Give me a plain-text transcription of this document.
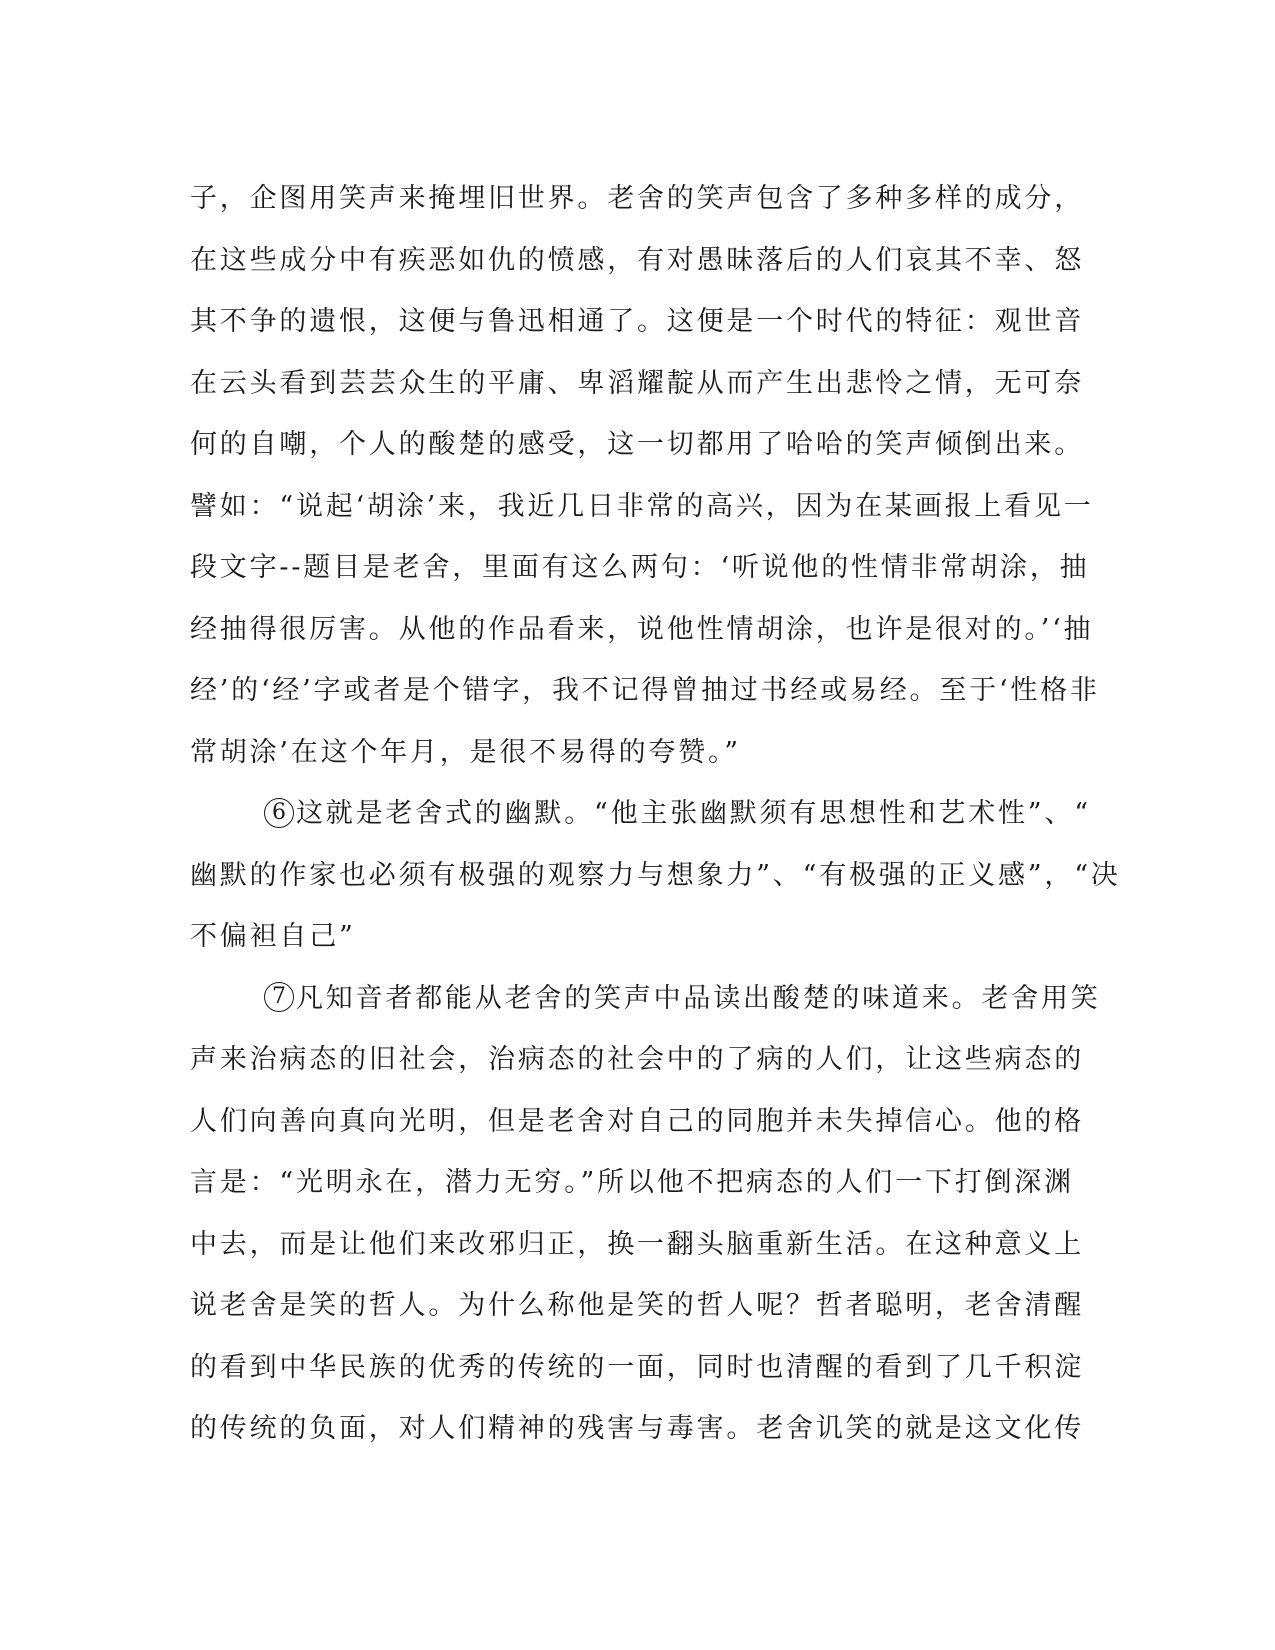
子，企图用笑声来掩埋旧世界。老舍的笑声包含了多种多样的成分，
在这些成分中有疾恶如仇的愤感，有对愚昧落后的人们哀其不幸、怒
其不争的遗恨，这便与鲁迅相通了。这便是一个时代的特征：观世音
在云头看到芸芸众生的平庸、卑滔耀靛从而产生出悲怜之情，无可奈
何的自嘲，个人的酸楚的感受，这一切都用了哈哈的笑声倾倒出来。
譬如：“说起‘胡涂’来，我近几日非常的高兴，因为在某画报上看见一
段文字--题目是老舍，里面有这么两句：‘听说他的性情非常胡涂，抽
经抽得很厉害。从他的作品看来，说他性情胡涂，也许是很对的。’‘抽
经’的‘经’字或者是个错字，我不记得曾抽过书经或易经。至于‘性格非
常胡涂’在这个年月，是很不易得的夸赞。”
6 这就是老舍式的幽默。“他主张幽默须有思想性和艺术性”、“
幽默的作家也必须有极强的观察力与想象力”、“有极强的正义感”，“决
不偏袒自己”
7 凡知音者都能从老舍的笑声中品读出酸楚的味道来。老舍用笑
声来治病态的旧社会，治病态的社会中的了病的人们，让这些病态的
人们向善向真向光明，但是老舍对自己的同胞并未失掉信心。他的格
言是：“光明永在，潜力无穷。”所以他不把病态的人们一下打倒深渊
中去，而是让他们来改邪归正，换一翻头脑重新生活。在这种意义上
说老舍是笑的哲人。为什么称他是笑的哲人呢？哲者聪明，老舍清醒
的看到中华民族的优秀的传统的一面，同时也清醒的看到了几千积淀
的传统的负面，对人们精神的残害与毒害。老舍讥笑的就是这文化传
